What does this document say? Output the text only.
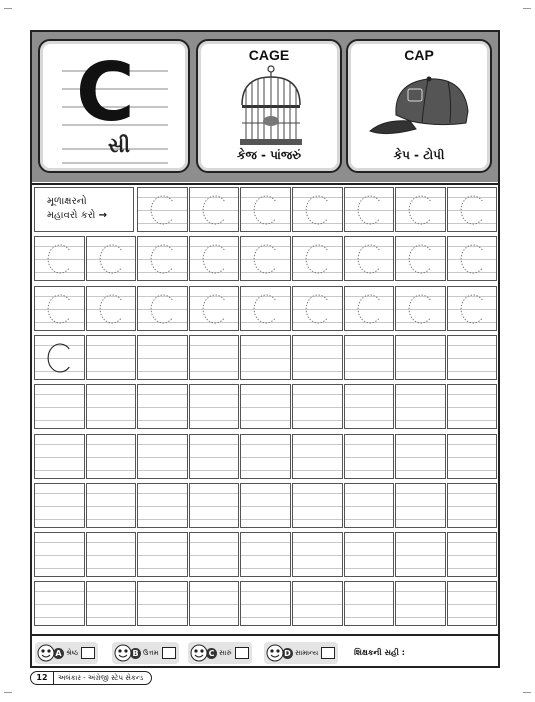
C
સી
CAGE
કેજ - પાંજરું
CAP
કેપ - ટોપી
મૂળાક્ષરનો
મહાવરો કરો →
A શ્રેષ્ઠ	B ઉત્તમ	C સારું	D સામાન્ય	શિક્ષકની સહી :
12	અલંકાર - અંગ્રેજી સ્ટેપ સેકન્ડ
